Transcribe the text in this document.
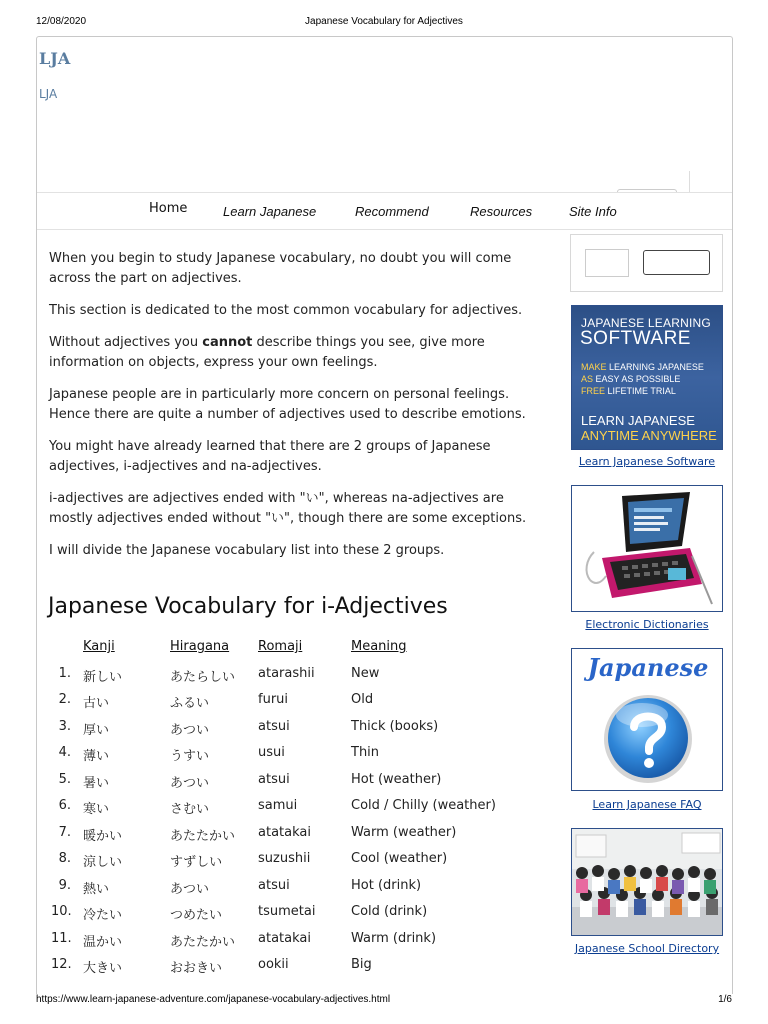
12/08/2020	Japanese Vocabulary for Adjectives
LJA
LJA
Home	Learn Japanese	Recommend	Resources	Site Info

When you begin to study Japanese vocabulary, no doubt you will come across the part on adjectives.

This section is dedicated to the most common vocabulary for adjectives.

Without adjectives you cannot describe things you see, give more information on objects, express your own feelings.

Japanese people are in particularly more concern on personal feelings. Hence there are quite a number of adjectives used to describe emotions.

You might have already learned that there are 2 groups of Japanese adjectives, i-adjectives and na-adjectives.

i-adjectives are adjectives ended with "い", whereas na-adjectives are mostly adjectives ended without "い", though there are some exceptions.

I will divide the Japanese vocabulary list into these 2 groups.

Japanese Vocabulary for i-Adjectives
Kanji	Hiragana Romaji	Meaning
1. 新しい	あたらしい atarashii	New
2. 古い	ふるい	furui	Old
3. 厚い	あつい	atsui	Thick (books)
4. 薄い	うすい	usui	Thin
5. 暑い	あつい	atsui	Hot (weather)
6. 寒い	さむい	samui	Cold / Chilly (weather)
7. 暖かい	あたたかい atatakai	Warm (weather)
8. 涼しい	すずしい	suzushii	Cool (weather)
9. 熱い	あつい	atsui	Hot (drink)
10. 冷たい	つめたい	tsumetai	Cold (drink)
11. 温かい	あたたかい atatakai	Warm (drink)
12. 大きい	おおきい	ookii	Big
JAPANESE LEARNING
SOFTWARE
MAKE LEARNING JAPANESE
AS EASY AS POSSIBLE
FREE LIFETIME TRIAL
LEARN JAPANESE
ANYTIME ANYWHERE
Learn Japanese Software
Electronic Dictionaries
Japanese
Learn Japanese FAQ
Japanese School Directory
https://www.learn-japanese-adventure.com/japanese-vocabulary-adjectives.html	1/6
